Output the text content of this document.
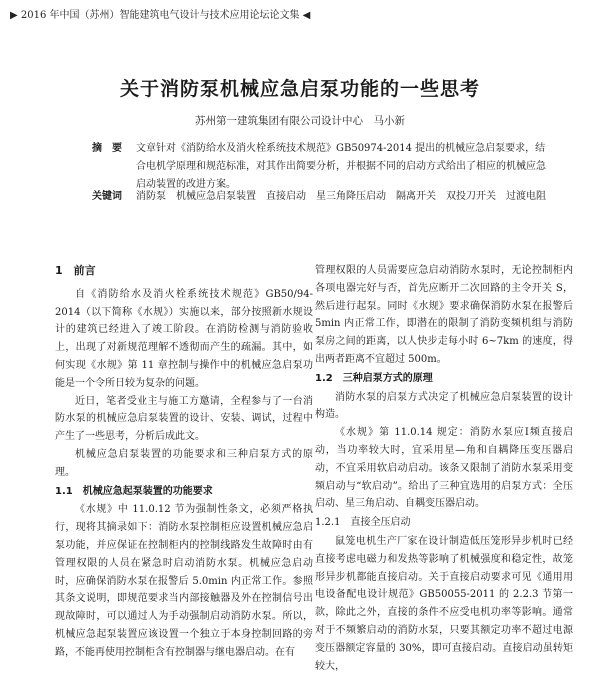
▶ 2016 年中国（苏州）智能建筑电气设计与技术应用论坛论文集 ◀
关于消防泵机械应急启泵功能的一些思考
苏州第一建筑集团有限公司设计中心　马小新
摘　要 文章针对《消防给水及消火栓系统技术规范》GB50974-2014 提出的机械应急启泵要求，结合电机学原理和规范标准，对其作出简要分析，并根据不同的启动方式给出了相应的机械应急启动装置的改进方案。
关键词 消防泵　机械应急启泵装置　直接启动　星三角降压启动　隔离开关　双投刀开关　过渡电阻
1　前言

自《消防给水及消火栓系统技术规范》GB50/94-2014（以下简称《水规》）实施以来，部分按照新水规设计的建筑已经进入了竣工阶段。在消防检测与消防验收上，出现了对新规范理解不透彻而产生的疏漏。其中，如何实现《水规》第 11 章控制与操作中的机械应急启泵功能是一个令所日较为复杂的问题。

近日，笔者受业主与施工方邀请，全程参与了一台消防水泵的机械应急启泵装置的设计、安装、调试，过程中产生了一些思考，分析后成此文。

机械应急启泵装置的功能要求和三种启泵方式的原理。

1.1　机械应急起泵装置的功能要求

《水规》中 11.0.12 节为强制性条文，必须严格执行，现将其摘录如下：消防水泵控制柜应设置机械应急启泵功能，并应保证在控制柜内的控制线路发生故障时由有管理权限的人员在紧急时启动消防水泵。机械应急启动时，应确保消防水泵在报警后 5.0min 内正常工作。参照其条文说明，即规范要求当内部接触器及外在控制信号出现故障时，可以通过人为手动强制启动消防水泵。所以，机械应急起泵装置应该设置一个独立于本身控制回路的旁路，不能再使用控制柜含有控制器与继电器启动。在有

管理权限的人员需要应急启动消防水泵时，无论控制柜内各项电器完好与否，首先应断开二次回路的主令开关 S，然后进行起泵。同时《水规》要求确保消防水泵在报警后 5min 内正常工作，即潜在的限制了消防变频机组与消防泵房之间的距离，以人快步走每小时 6~7km 的速度，得出两者距离不宜超过 500m。

1.2　三种启泵方式的原理

消防水泵的启泵方式决定了机械应急启泵装置的设计构造。

《水规》第 11.0.14 规定：消防水泵应Ⅰ频直接启动，当功率较大时，宜采用星—角和自耦降压变压器启动，不宜采用软启动启动。该条又限制了消防水泵采用变频启动与“软启动”。给出了三种宜选用的启泵方式：全压启动、星三角启动、自耦变压器启动。

1.2.1　直接全压启动

鼠笼电机生产厂家在设计制造低压笼形异步机时已经直接考虑电磁力和发热等影响了机械强度和稳定性，故笼形异步机都能直接启动。关于直接启动要求可见《通用用电设备配电设计规范》GB50055-2011 的 2.2.3 节第一款，除此之外，直接的条件不应受电机功率等影响。通常对于不频繁启动的消防水泵，只要其额定功率不超过电源变压器额定容量的 30%，即可直接启动。直接启动虽转矩较大，
